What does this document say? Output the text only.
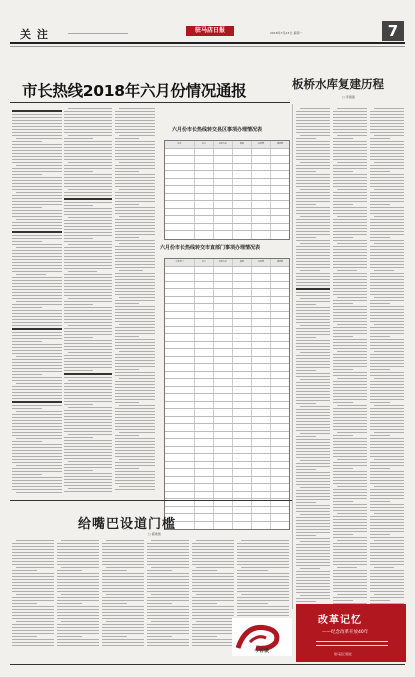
关 注	驻马店日报	2018年7月23日 星期一	7
市长热线2018年六月份情况通报	板桥水库复建历程
□ 李国强
六月份市长热线转交县区事项办理情况表
县区	转办	按时办结	满意	按时率	满意率
六月份市长热线转交市直部门事项办理情况表
市直部门	转办	按时办结	满意	按时率	满意率
给嘴巴设道门槛
□ 郝建国
今日谈
改革记忆
——纪念改革开放40年
驻马店日报社
